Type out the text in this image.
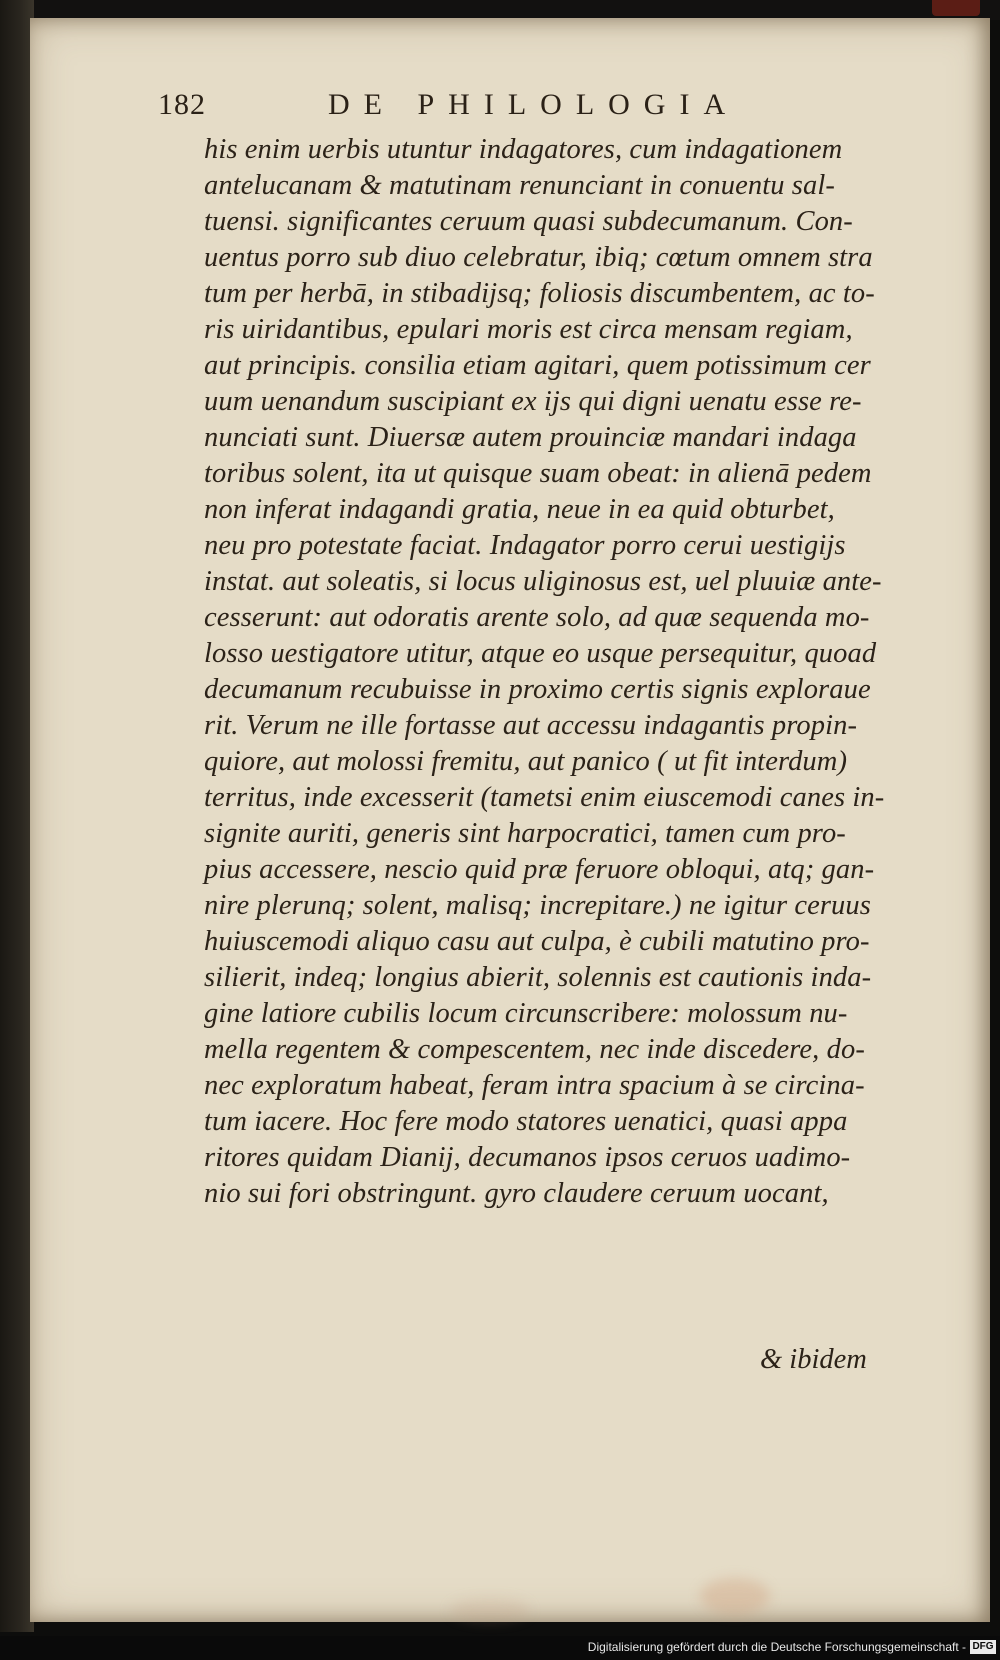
182	DE PHILOLOGIA
his enim uerbis utuntur indagatores, cum indagationem
antelucanam & matutinam renunciant in conuentu sal-
tuensi. significantes ceruum quasi subdecumanum. Con-
uentus porro sub diuo celebratur, ibiq; cœtum omnem stra
tum per herbā, in stibadijsq; foliosis discumbentem, ac to-
ris uiridantibus, epulari moris est circa mensam regiam,
aut principis. consilia etiam agitari, quem potissimum cer
uum uenandum suscipiant ex ijs qui digni uenatu esse re-
nunciati sunt. Diuersæ autem prouinciæ mandari indaga
toribus solent, ita ut quisque suam obeat: in alienā pedem
non inferat indagandi gratia, neue in ea quid obturbet,
neu pro potestate faciat. Indagator porro cerui uestigijs
instat. aut soleatis, si locus uliginosus est, uel pluuiæ ante-
cesserunt: aut odoratis arente solo, ad quæ sequenda mo-
losso uestigatore utitur, atque eo usque persequitur, quoad
decumanum recubuisse in proximo certis signis exploraue
rit. Verum ne ille fortasse aut accessu indagantis propin-
quiore, aut molossi fremitu, aut panico ( ut fit interdum)
territus, inde excesserit (tametsi enim eiuscemodi canes in-
signite auriti, generis sint harpocratici, tamen cum pro-
pius accessere, nescio quid præ feruore obloqui, atq; gan-
nire plerunq; solent, malisq; increpitare.) ne igitur ceruus
huiuscemodi aliquo casu aut culpa, è cubili matutino pro-
silierit, indeq; longius abierit, solennis est cautionis inda-
gine latiore cubilis locum circunscribere: molossum nu-
mella regentem & compescentem, nec inde discedere, do-
nec exploratum habeat, feram intra spacium à se circina-
tum iacere. Hoc fere modo statores uenatici, quasi appa
ritores quidam Dianij, decumanos ipsos ceruos uadimo-
nio sui fori obstringunt. gyro claudere ceruum uocant,
& ibidem
Digitalisierung gefördert durch die Deutsche Forschungsgemeinschaft - DFG
